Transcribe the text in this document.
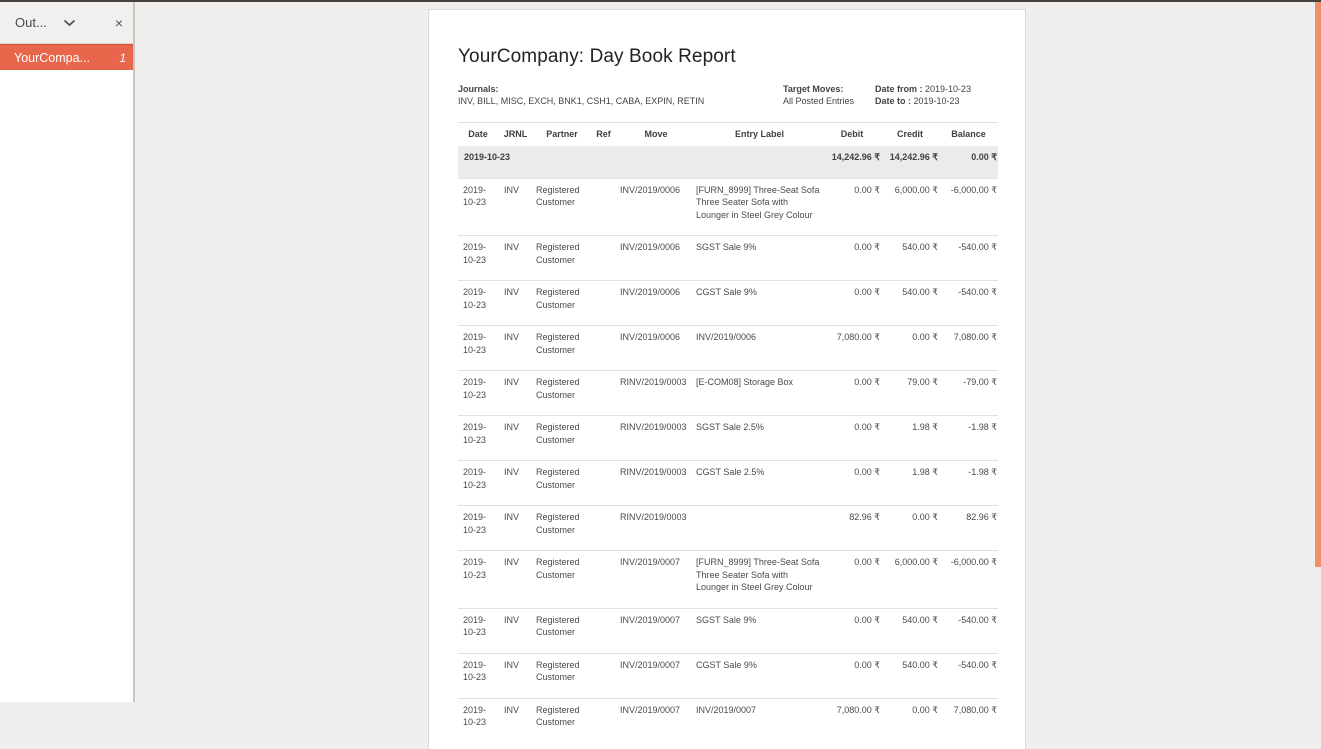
Out...	×
YourCompa...	1	YourCompany: Day Book Report
Journals:
INV, BILL, MISC, EXCH, BNK1, CSH1, CABA, EXPIN, RETIN
Target Moves:
All Posted Entries
Date from : 2019-10-23
Date to : 2019-10-23
Date	JRNL	Partner	Ref	Move	Entry Label	Debit	Credit	Balance
2019-10-23						14,242.96 ₹	14,242.96 ₹	0.00 ₹
2019-10-23	INV	Registered Customer		INV/2019/0006	[FURN_8999] Three-Seat Sofa Three Seater Sofa with Lounger in Steel Grey Colour	0.00 ₹	6,000.00 ₹	-6,000.00 ₹
2019-10-23	INV	Registered Customer		INV/2019/0006	SGST Sale 9%	0.00 ₹	540.00 ₹	-540.00 ₹
2019-10-23	INV	Registered Customer		INV/2019/0006	CGST Sale 9%	0.00 ₹	540.00 ₹	-540.00 ₹
2019-10-23	INV	Registered Customer		INV/2019/0006	INV/2019/0006	7,080.00 ₹	0.00 ₹	7,080.00 ₹
2019-10-23	INV	Registered Customer		RINV/2019/0003	[E-COM08] Storage Box	0.00 ₹	79.00 ₹	-79.00 ₹
2019-10-23	INV	Registered Customer		RINV/2019/0003	SGST Sale 2.5%	0.00 ₹	1.98 ₹	-1.98 ₹
2019-10-23	INV	Registered Customer		RINV/2019/0003	CGST Sale 2.5%	0.00 ₹	1.98 ₹	-1.98 ₹
2019-10-23	INV	Registered Customer		RINV/2019/0003		82.96 ₹	0.00 ₹	82.96 ₹
2019-10-23	INV	Registered Customer		INV/2019/0007	[FURN_8999] Three-Seat Sofa Three Seater Sofa with Lounger in Steel Grey Colour	0.00 ₹	6,000.00 ₹	-6,000.00 ₹
2019-10-23	INV	Registered Customer		INV/2019/0007	SGST Sale 9%	0.00 ₹	540.00 ₹	-540.00 ₹
2019-10-23	INV	Registered Customer		INV/2019/0007	CGST Sale 9%	0.00 ₹	540.00 ₹	-540.00 ₹
2019-10-23	INV	Registered Customer		INV/2019/0007	INV/2019/0007	7,080.00 ₹	0.00 ₹	7,080.00 ₹
